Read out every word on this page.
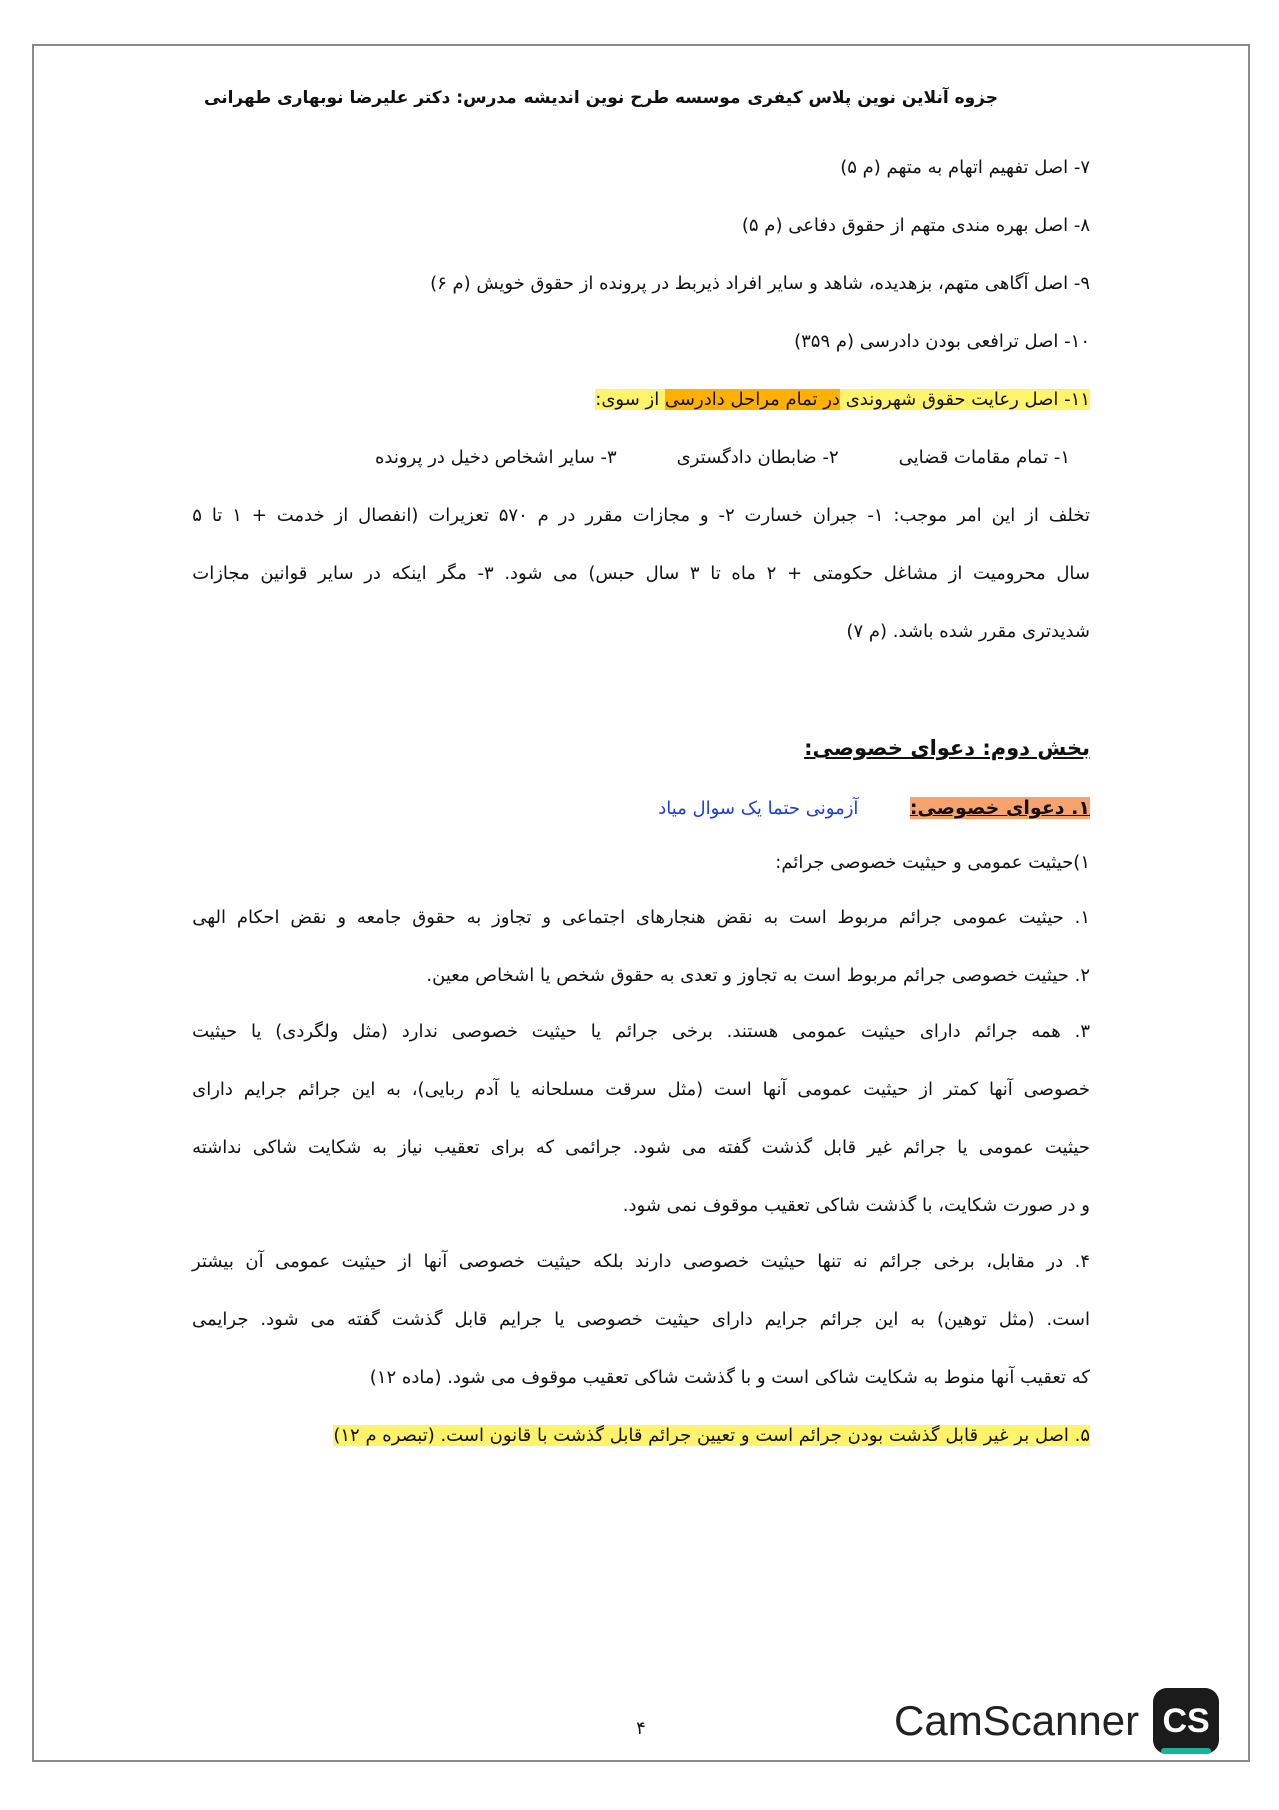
جزوه آنلاین نوین پلاس کیفری
موسسه طرح نوین اندیشه
مدرس: دکتر علیرضا نوبهاری طهرانی
۷- اصل تفهیم اتهام به متهم (م ۵)
۸- اصل بهره مندی متهم از حقوق دفاعی (م ۵)
۹- اصل آگاهی متهم، بزهدیده، شاهد و سایر افراد ذیربط در پرونده از حقوق خویش (م ۶)
۱۰- اصل ترافعی بودن دادرسی (م ۳۵۹)
۱۱- اصل رعایت حقوق شهروندی در تمام مراحل دادرسی از سوی:
۱- تمام مقامات قضایی
۲- ضابطان دادگستری
۳- سایر اشخاص دخیل در پرونده
تخلف
از
این
امر
موجب:
۱-
جبران
خسارت
۲-
و
مجازات
مقرر
در
م
۵۷۰
تعزیرات
(انفصال
از
خدمت
+
۱
تا
۵
سال
محرومیت
از
مشاغل
حکومتی
+
۲
ماه
تا
۳
سال
حبس)
می
شود.
۳-
مگر
اینکه
در
سایر
قوانین
مجازات
شدیدتری مقرر شده باشد. (م ۷)
بخش دوم: دعوای خصوصی:
۱. دعوای خصوصی:  آزمونی حتما یک سوال میاد
۱)حیثیت عمومی و حیثیت خصوصی جرائم:
۱.
حیثیت
عمومی
جرائم
مربوط
است
به
نقض
هنجارهای
اجتماعی
و
تجاوز
به
حقوق
جامعه
و
نقض
احکام
الهی
۲. حیثیت خصوصی جرائم مربوط است به تجاوز و تعدی به حقوق شخص یا اشخاص معین.
۳.
همه
جرائم
دارای
حیثیت
عمومی
هستند.
برخی
جرائم
یا
حیثیت
خصوصی
ندارد
(مثل
ولگردی)
یا
حیثیت
خصوصی
آنها
کمتر
از
حیثیت
عمومی
آنها
است
(مثل
سرقت
مسلحانه
یا
آدم
ربایی)،
به
این
جرائم
جرایم
دارای
حیثیت
عمومی
یا
جرائم
غیر
قابل
گذشت
گفته
می
شود.
جرائمی
که
برای
تعقیب
نیاز
به
شکایت
شاکی
نداشته
و در صورت شکایت، با گذشت شاکی تعقیب موقوف نمی شود.
۴.
در
مقابل،
برخی
جرائم
نه
تنها
حیثیت
خصوصی
دارند
بلکه
حیثیت
خصوصی
آنها
از
حیثیت
عمومی
آن
بیشتر
است.
(مثل
توهین)
به
این
جرائم
جرایم
دارای
حیثیت
خصوصی
یا
جرایم
قابل
گذشت
گفته
می
شود.
جرایمی
که تعقیب آنها منوط به شکایت شاکی است و با گذشت شاکی تعقیب موقوف می شود. (ماده ۱۲)
۵. اصل بر غیر قابل گذشت بودن جرائم است و تعیین جرائم قابل گذشت با قانون است. (تبصره م ۱۲)
۴	CS
CamScanner
